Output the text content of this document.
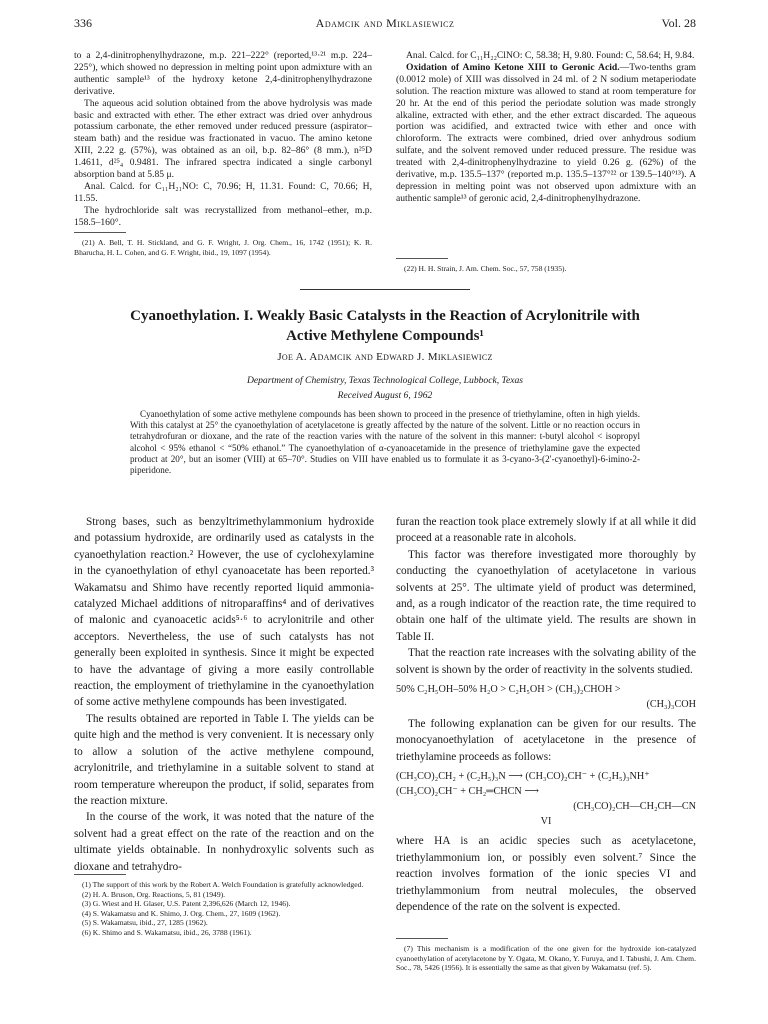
336	Adamcik and Miklasiewicz	Vol. 28

to a 2,4-dinitrophenylhydrazone, m.p. 221–222° (reported,¹³·²¹ m.p. 224–225°), which showed no depression in melting point upon admixture with an authentic sample¹³ of the hydroxy ketone 2,4-dinitrophenylhydrazone derivative.

The aqueous acid solution obtained from the above hydrolysis was made basic and extracted with ether. The ether extract was dried over anhydrous potassium carbonate, the ether removed under reduced pressure (aspirator–steam bath) and the residue was fractionated in vacuo. The amino ketone XIII, 2.22 g. (57%), was obtained as an oil, b.p. 82–86° (8 mm.), n²⁵D 1.4611, d²⁵₄ 0.9481. The infrared spectra indicated a single carbonyl absorption band at 5.85 μ.

Anal. Calcd. for C₁₁H₂₁NO: C, 70.96; H, 11.31. Found: C, 70.66; H, 11.55.

The hydrochloride salt was recrystallized from methanol–ether, m.p. 158.5–160°.

(21) A. Bell, T. H. Stickland, and G. F. Wright, J. Org. Chem., 16, 1742 (1951); K. R. Bharucha, H. L. Cohen, and G. F. Wright, ibid., 19, 1097 (1954).

Anal. Calcd. for C₁₁H₂₂ClNO: C, 58.38; H, 9.80. Found: C, 58.64; H, 9.84.

Oxidation of Amino Ketone XIII to Geronic Acid.—Two-tenths gram (0.0012 mole) of XIII was dissolved in 24 ml. of 2 N sodium metaperiodate solution. The reaction mixture was allowed to stand at room temperature for 20 hr. At the end of this period the periodate solution was made strongly alkaline, extracted with ether, and the ether extract discarded. The aqueous portion was acidified, and extracted twice with ether and once with chloroform. The extracts were combined, dried over anhydrous sodium sulfate, and the solvent removed under reduced pressure. The residue was treated with 2,4-dinitrophenylhydrazine to yield 0.26 g. (62%) of the derivative, m.p. 135.5–137° (reported m.p. 135.5–137°²² or 139.5–140°¹³). A depression in melting point was not observed upon admixture with an authentic sample¹³ of geronic acid, 2,4-dinitrophenylhydrazone.

(22) H. H. Strain, J. Am. Chem. Soc., 57, 758 (1935).

Cyanoethylation. I. Weakly Basic Catalysts in the Reaction of Acrylonitrile with
Active Methylene Compounds¹
Joe A. Adamcik and Edward J. Miklasiewicz
Department of Chemistry, Texas Technological College, Lubbock, Texas
Received August 6, 1962

Cyanoethylation of some active methylene compounds has been shown to proceed in the presence of triethylamine, often in high yields. With this catalyst at 25° the cyanoethylation of acetylacetone is greatly affected by the nature of the solvent. Little or no reaction occurs in tetrahydrofuran or dioxane, and the rate of the reaction varies with the nature of the solvent in this manner: t-butyl alcohol < isopropyl alcohol < 95% ethanol < “50% ethanol.” The cyanoethylation of α-cyanoacetamide in the presence of triethylamine gave the expected product at 20°, but an isomer (VIII) at 65–70°. Studies on VIII have enabled us to formulate it as 3-cyano-3-(2′-cyanoethyl)-6-imino-2-piperidone.

Strong bases, such as benzyltrimethylammonium hydroxide and potassium hydroxide, are ordinarily used as catalysts in the cyanoethylation reaction.² However, the use of cyclohexylamine in the cyanoethylation of ethyl cyanoacetate has been reported.³ Wakamatsu and Shimo have recently reported liquid ammonia-catalyzed Michael additions of nitroparaffins⁴ and of derivatives of malonic and cyanoacetic acids⁵·⁶ to acrylonitrile and other acceptors. Nevertheless, the use of such catalysts has not generally been exploited in synthesis. Since it might be expected to have the advantage of giving a more easily controllable reaction, the employment of triethylamine in the cyanoethylation of some active methylene compounds has been investigated.

The results obtained are reported in Table I. The yields can be quite high and the method is very convenient. It is necessary only to allow a solution of the active methylene compound, acrylonitrile, and triethylamine in a suitable solvent to stand at room temperature whereupon the product, if solid, separates from the reaction mixture.

In the course of the work, it was noted that the nature of the solvent had a great effect on the rate of the reaction and on the ultimate yields obtainable. In nonhydroxylic solvents such as dioxane and tetrahydro-

(1) The support of this work by the Robert A. Welch Foundation is gratefully acknowledged.

(2) H. A. Bruson, Org. Reactions, 5, 81 (1949).

(3) G. Wiest and H. Glaser, U.S. Patent 2,396,626 (March 12, 1946).

(4) S. Wakamatsu and K. Shimo, J. Org. Chem., 27, 1609 (1962).

(5) S. Wakamatsu, ibid., 27, 1285 (1962).

(6) K. Shimo and S. Wakamatsu, ibid., 26, 3788 (1961).

furan the reaction took place extremely slowly if at all while it did proceed at a reasonable rate in alcohols.

This factor was therefore investigated more thoroughly by conducting the cyanoethylation of acetylacetone in various solvents at 25°. The ultimate yield of product was determined, and, as a rough indicator of the reaction rate, the time required to obtain one half of the ultimate yield. The results are shown in Table II.

That the reaction rate increases with the solvating ability of the solvent is shown by the order of reactivity in the solvents studied.

50% C₂H₅OH–50% H₂O > C₂H₅OH > (CH₃)₂CHOH >
(CH₃)₃COH

The following explanation can be given for our results. The monocyanoethylation of acetylacetone in the presence of triethylamine proceeds as follows:

(CH₃CO)₂CH₂ + (C₂H₅)₃N ⟶ (CH₃CO)₂CH⁻ + (C₂H₅)₃NH⁺
(CH₃CO)₂CH⁻ + CH₂═CHCN ⟶
(CH₃CO)₂CH—CH₂CH—CN
VI

where HA is an acidic species such as acetylacetone, triethylammonium ion, or possibly even solvent.⁷ Since the reaction involves formation of the ionic species VI and triethylammonium from neutral molecules, the observed dependence of the rate on the solvent is expected.

(7) This mechanism is a modification of the one given for the hydroxide ion-catalyzed cyanoethylation of acetylacetone by Y. Ogata, M. Okano, Y. Furuya, and I. Tabushi, J. Am. Chem. Soc., 78, 5426 (1956). It is essentially the same as that given by Wakamatsu (ref. 5).
